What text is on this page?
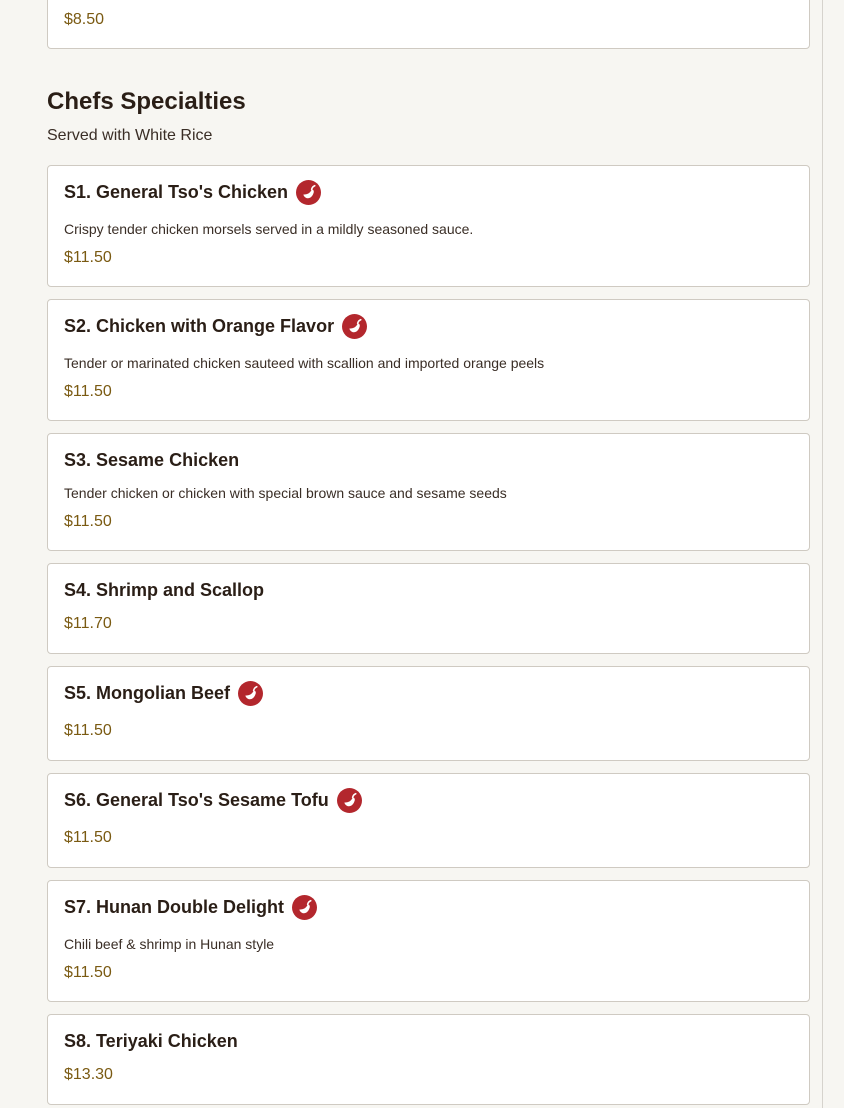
$8.50
Chefs Specialties
Served with White Rice
S1. General Tso's Chicken
Crispy tender chicken morsels served in a mildly seasoned sauce.
$11.50
S2. Chicken with Orange Flavor
Tender or marinated chicken sauteed with scallion and imported orange peels
$11.50
S3. Sesame Chicken
Tender chicken or chicken with special brown sauce and sesame seeds
$11.50
S4. Shrimp and Scallop
$11.70
S5. Mongolian Beef
$11.50
S6. General Tso's Sesame Tofu
$11.50
S7. Hunan Double Delight
Chili beef & shrimp in Hunan style
$11.50
S8. Teriyaki Chicken
$13.30
